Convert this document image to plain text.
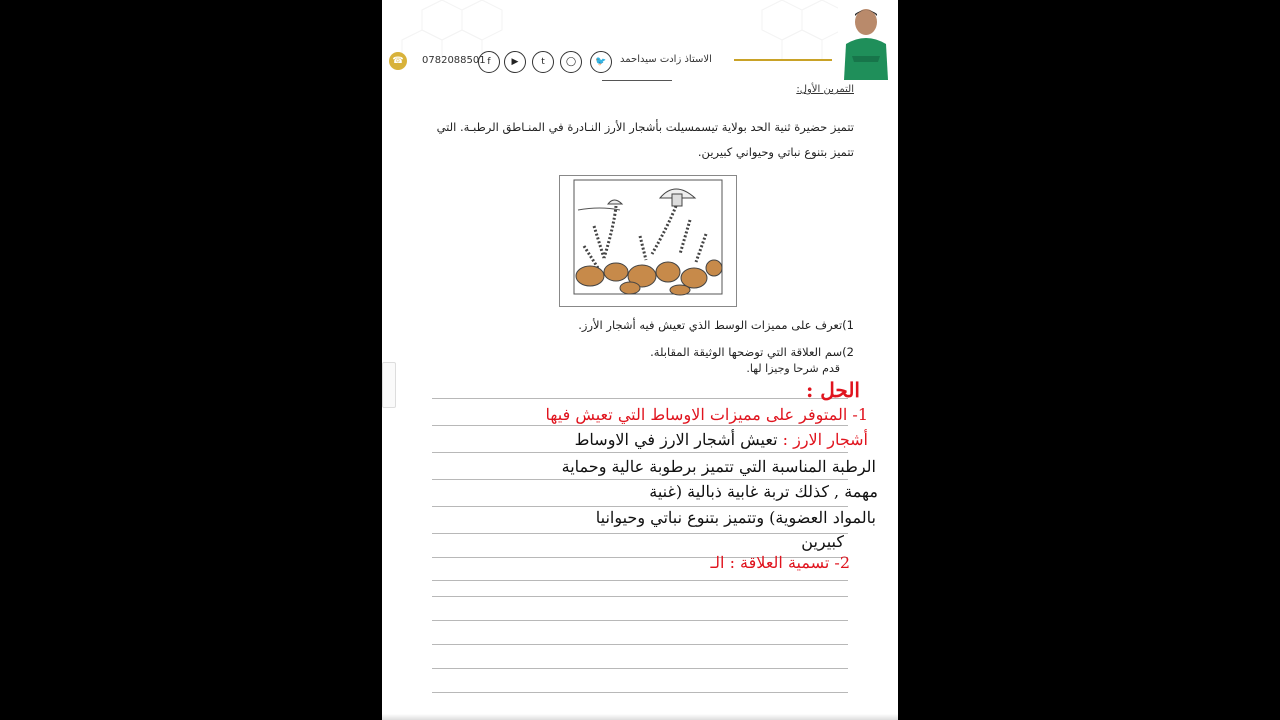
الاستاذ زادت سيداحمد
🐦
◯
t
▶
f
0782088501
☎
التمرين الأول:
تتميز حضيرة ثنية الحد بولاية تيسمسيلت بأشجار الأرز النـادرة في المنـاطق الرطبـة. التي
تتميز بتنوع نباتي وحيواني كبيرين.
1)تعرف على مميزات الوسط الذي تعيش فيه أشجار الأرز.
2)سم العلاقة التي توضحها الوثيقة المقابلة.
قدم شرحا وجيزا لها.
الحل :
1- المتوفر على مميزات الاوساط التي تعيش فيها
أشجار الارز : تعيش أشجار الارز في الاوساط
الرطبة المناسبة التي تتميز برطوبة عالية وحماية
مهمة , كذلك تربة غابية ذبالية (غنية
بالمواد العضوية) وتتميز بتنوع نباتي وحيوانيا
كبيرين
2- تسمية العلاقة : الـ
